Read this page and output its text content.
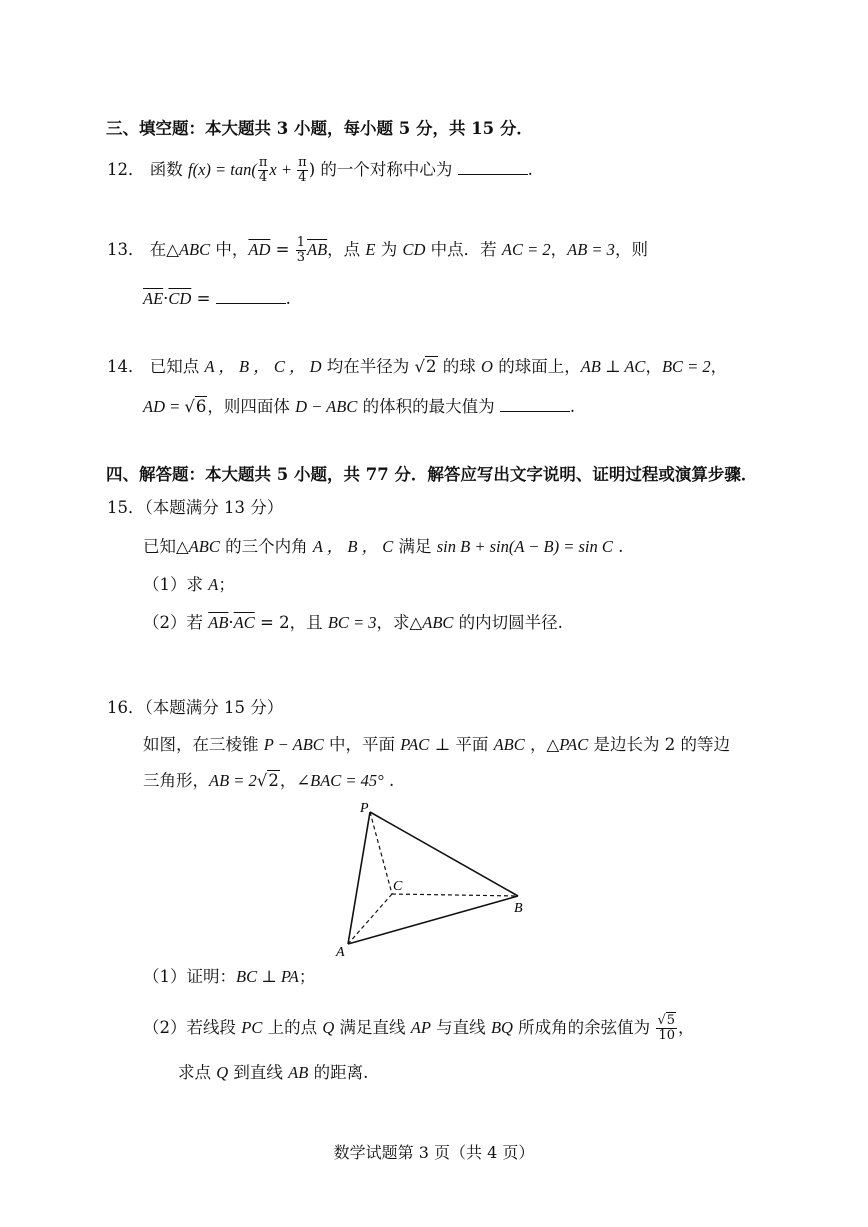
三、填空题：本大题共 3 小题，每小题 5 分，共 15 分．
12． 函数 $f(x) = \tan( \frac{\pi}{4}$ $x + \frac{\pi}{4}$ ) 的一个对称中心为	.
13． 在△ABC 中，$\overline{AD} = \frac{1}{3} \overline{AB}$，点 E 为 CD 中点．若 AC = 2，AB = 3，则
$\overline{AE}\cdot\overline{CD}$ =	.
14． 已知点 A ， B ， C ， D 均在半径为 √2 的球 O 的球面上，AB ⊥ AC，BC = 2，
AD = √6，则四面体 D − ABC 的体积的最大值为	.
四、解答题：本大题共 5 小题，共 77 分．解答应写出文字说明、证明过程或演算步骤．
15．（本题满分 13 分）
已知△ABC 的三个内角 A ， B ， C 满足 sin B + sin(A − B) = sin C .
（1）求 A；
（2）若 $\overline{AB}\cdot\overline{AC} = 2$，且 BC = 3，求△ABC 的内切圆半径.
16．（本题满分 15 分）
如图，在三棱锥 P − ABC 中，平面 PAC ⊥ 平面 ABC ，△PAC 是边长为 2 的等边
三角形，AB = 2√2，∠BAC = 45° .
P
C
B
A
（1）证明：BC ⊥ PA；
（2）若线段 PC 上的点 Q 满足直线 AP 与直线 BQ 所成角的余弦值为 $\frac{√5}{10}$ ，
求点 Q 到直线 AB 的距离.
数学试题第 3 页（共 4 页）
